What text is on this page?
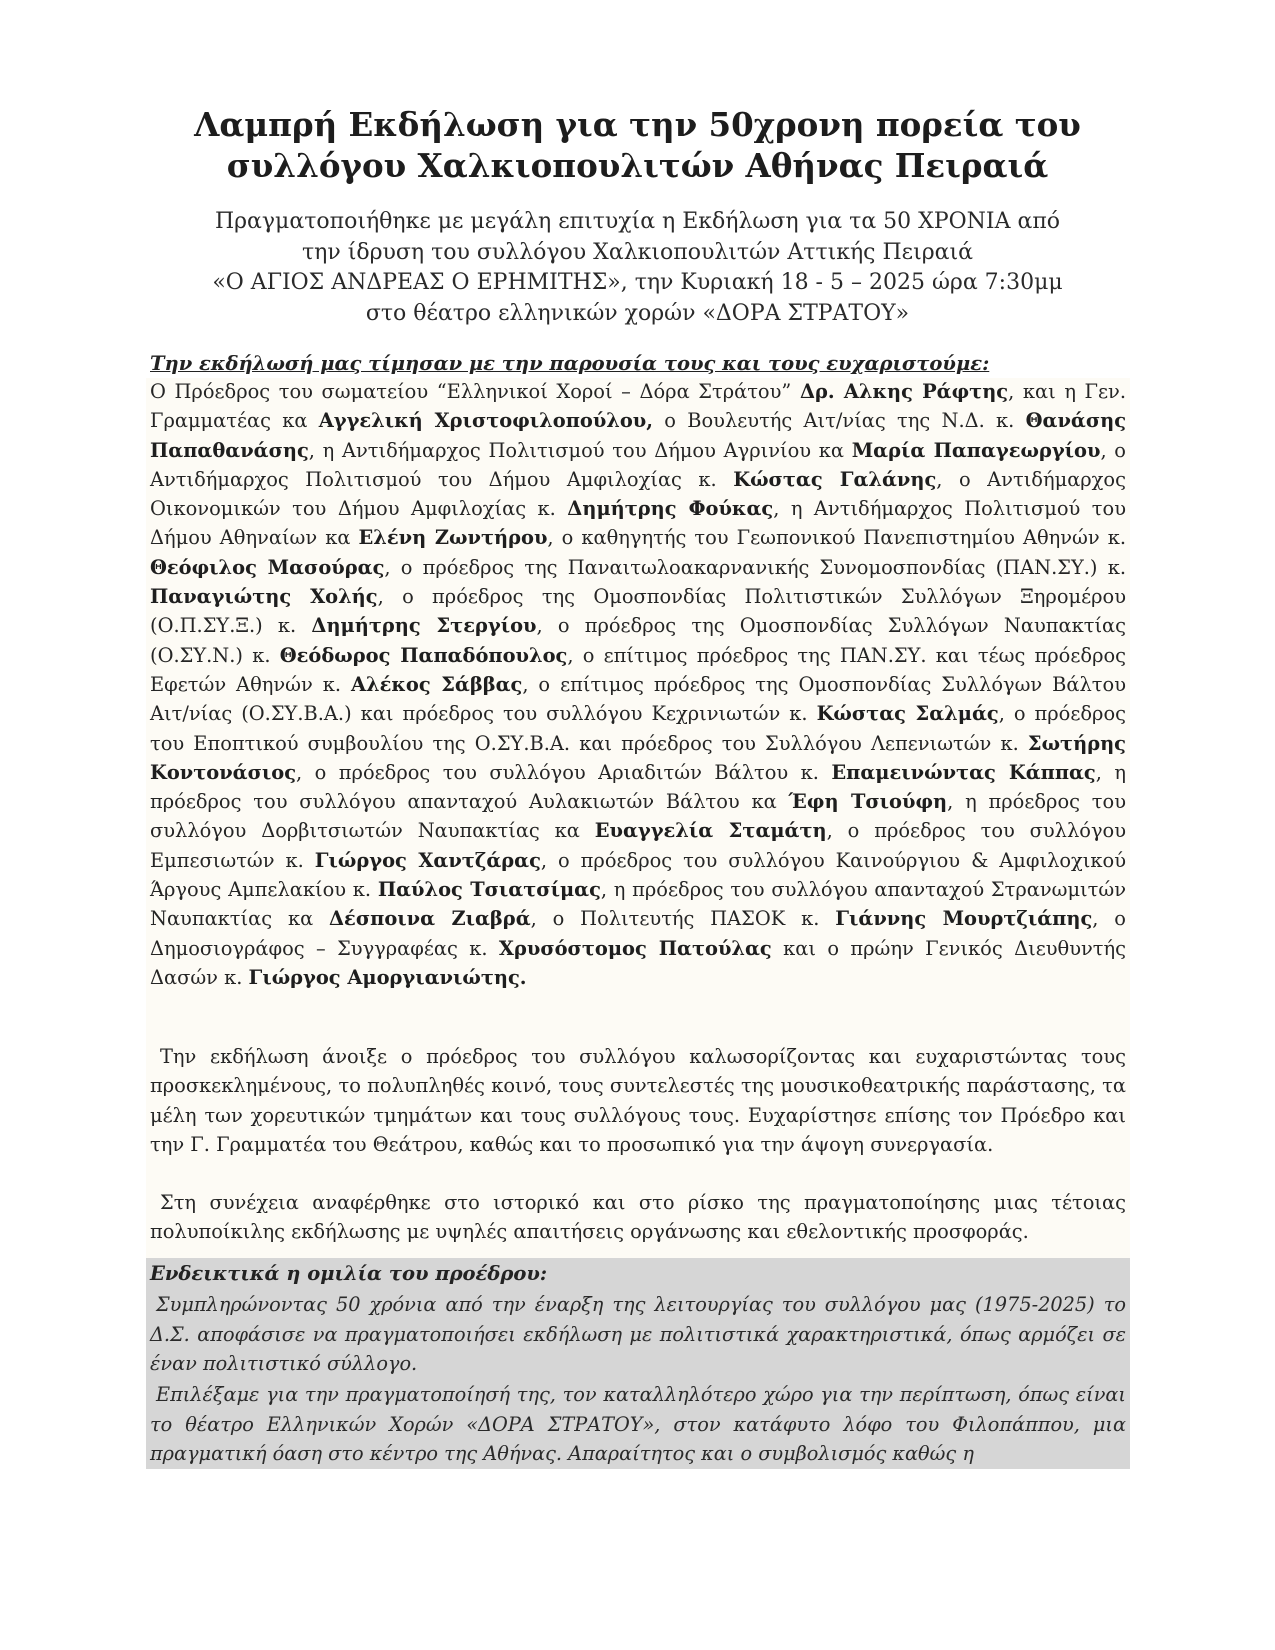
Λαμπρή Εκδήλωση για την 50χρονη πορεία του
συλλόγου Χαλκιοπουλιτών Αθήνας Πειραιά

Πραγματοποιήθηκε με μεγάλη επιτυχία η Εκδήλωση για τα 50 ΧΡΟΝΙΑ από
την ίδρυση του συλλόγου Χαλκιοπουλιτών Αττικής Πειραιά
«Ο ΑΓΙΟΣ ΑΝΔΡΕΑΣ Ο ΕΡΗΜΙΤΗΣ», την Κυριακή 18 - 5 – 2025 ώρα 7:30μμ
στο θέατρο ελληνικών χορών «ΔΟΡΑ ΣΤΡΑΤΟΥ»

Την εκδήλωσή μας τίμησαν με την παρουσία τους και τους ευχαριστούμε:

Ο Πρόεδρος του σωματείου “Ελληνικοί Χοροί – Δόρα Στράτου” Δρ. Αλκης Ράφτης, και η Γεν. Γραμματέας κα Αγγελική Χριστοφιλοπούλου, ο Βουλευτής Αιτ/νίας της Ν.Δ. κ. Θανάσης Παπαθανάσης, η Αντιδήμαρχος Πολιτισμού του Δήμου Αγρινίου κα Μαρία Παπαγεωργίου, ο Αντιδήμαρχος Πολιτισμού του Δήμου Αμφιλοχίας κ. Κώστας Γαλάνης, ο Αντιδήμαρχος Οικονομικών του Δήμου Αμφιλοχίας κ. Δημήτρης Φούκας, η Αντιδήμαρχος Πολιτισμού του Δήμου Αθηναίων κα Ελένη Ζωντήρου, ο καθηγητής του Γεωπονικού Πανεπιστημίου Αθηνών κ. Θεόφιλος Μασούρας, ο πρόεδρος της Παναιτωλοακαρνανικής Συνομοσπονδίας (ΠΑΝ.ΣΥ.) κ. Παναγιώτης Χολής, ο πρόεδρος της Ομοσπονδίας Πολιτιστικών Συλλόγων Ξηρομέρου (Ο.Π.ΣΥ.Ξ.) κ. Δημήτρης Στεργίου, ο πρόεδρος της Ομοσπονδίας Συλλόγων Ναυπακτίας (Ο.ΣΥ.Ν.) κ. Θεόδωρος Παπαδόπουλος, ο επίτιμος πρόεδρος της ΠΑΝ.ΣΥ. και τέως πρόεδρος Εφετών Αθηνών κ. Αλέκος Σάββας, ο επίτιμος πρόεδρος της Ομοσπονδίας Συλλόγων Βάλτου Αιτ/νίας (Ο.ΣΥ.Β.Α.) και πρόεδρος του συλλόγου Κεχρινιωτών κ. Κώστας Σαλμάς, ο πρόεδρος του Εποπτικού συμβουλίου της Ο.ΣΥ.Β.Α. και πρόεδρος του Συλλόγου Λεπενιωτών κ. Σωτήρης Κοντονάσιος, ο πρόεδρος του συλλόγου Αριαδιτών Βάλτου κ. Επαμεινώντας Κάππας, η πρόεδρος του συλλόγου απανταχού Αυλακιωτών Βάλτου κα Έφη Τσιούφη, η πρόεδρος του συλλόγου Δορβιτσιωτών Ναυπακτίας κα Ευαγγελία Σταμάτη, ο πρόεδρος του συλλόγου Εμπεσιωτών κ. Γιώργος Χαντζάρας, ο πρόεδρος του συλλόγου Καινούργιου & Αμφιλοχικού Άργους Αμπελακίου κ. Παύλος Τσιατσίμας, η πρόεδρος του συλλόγου απανταχού Στρανωμιτών Ναυπακτίας κα Δέσποινα Ζιαβρά, ο Πολιτευτής ΠΑΣΟΚ κ. Γιάννης Μουρτζιάπης, ο Δημοσιογράφος – Συγγραφέας κ. Χρυσόστομος Πατούλας και ο πρώην Γενικός Διευθυντής Δασών κ. Γιώργος Αμοργιανιώτης.

Την εκδήλωση άνοιξε ο πρόεδρος του συλλόγου καλωσορίζοντας και ευχαριστώντας τους προσκεκλημένους, το πολυπληθές κοινό, τους συντελεστές της μουσικοθεατρικής παράστασης, τα μέλη των χορευτικών τμημάτων και τους συλλόγους τους. Ευχαρίστησε επίσης τον Πρόεδρο και την Γ. Γραμματέα του Θεάτρου, καθώς και το προσωπικό για την άψογη συνεργασία.

Στη συνέχεια αναφέρθηκε στο ιστορικό και στο ρίσκο της πραγματοποίησης μιας τέτοιας πολυποίκιλης εκδήλωσης με υψηλές απαιτήσεις οργάνωσης και εθελοντικής προσφοράς.

Ενδεικτικά η ομιλία του προέδρου:

Συμπληρώνοντας 50 χρόνια από την έναρξη της λειτουργίας του συλλόγου μας (1975-2025) το Δ.Σ. αποφάσισε να πραγματοποιήσει εκδήλωση με πολιτιστικά χαρακτηριστικά, όπως αρμόζει σε έναν πολιτιστικό σύλλογο.

Επιλέξαμε για την πραγματοποίησή της, τον καταλληλότερο χώρο για την περίπτωση, όπως είναι το θέατρο Ελληνικών Χορών «ΔΟΡΑ ΣΤΡΑΤΟΥ», στον κατάφυτο λόφο του Φιλοπάππου, μια πραγματική όαση στο κέντρο της Αθήνας. Απαραίτητος και ο συμβολισμός καθώς η
